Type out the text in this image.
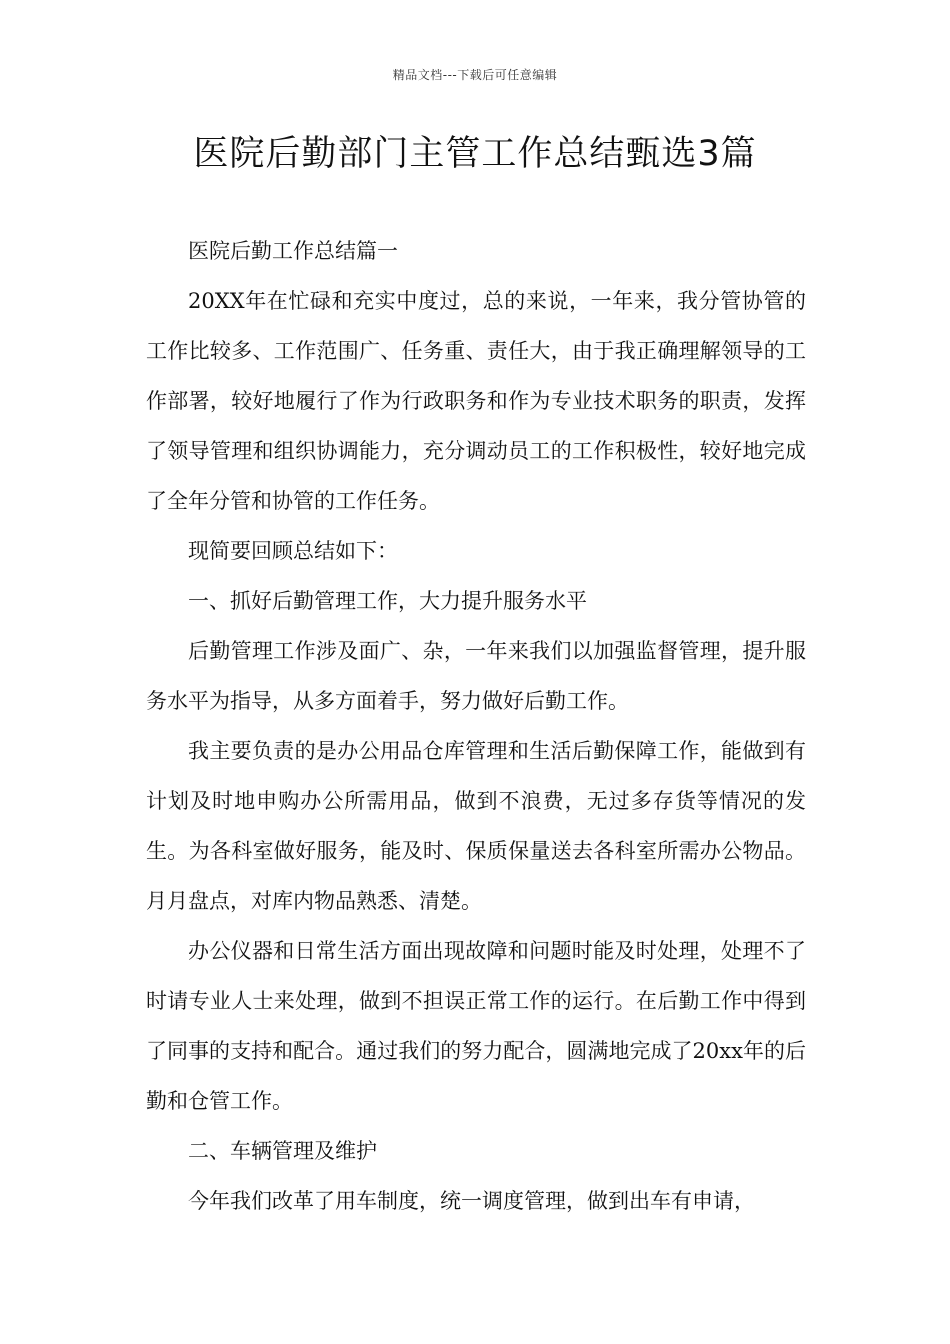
精品文档---下载后可任意编辑
医院后勤部门主管工作总结甄选3篇

医院后勤工作总结篇一

20XX年在忙碌和充实中度过，总的来说，一年来，我分管协管的工作比较多、工作范围广、任务重、责任大，由于我正确理解领导的工作部署，较好地履行了作为行政职务和作为专业技术职务的职责，发挥了领导管理和组织协调能力，充分调动员工的工作积极性，较好地完成了全年分管和协管的工作任务。

现简要回顾总结如下：

一、抓好后勤管理工作，大力提升服务水平

后勤管理工作涉及面广、杂，一年来我们以加强监督管理，提升服务水平为指导，从多方面着手，努力做好后勤工作。

我主要负责的是办公用品仓库管理和生活后勤保障工作，能做到有计划及时地申购办公所需用品，做到不浪费，无过多存货等情况的发生。为各科室做好服务，能及时、保质保量送去各科室所需办公物品。月月盘点，对库内物品熟悉、清楚。

办公仪器和日常生活方面出现故障和问题时能及时处理，处理不了时请专业人士来处理，做到不担误正常工作的运行。在后勤工作中得到了同事的支持和配合。通过我们的努力配合，圆满地完成了20xx年的后勤和仓管工作。

二、车辆管理及维护

今年我们改革了用车制度，统一调度管理，做到出车有申请，
